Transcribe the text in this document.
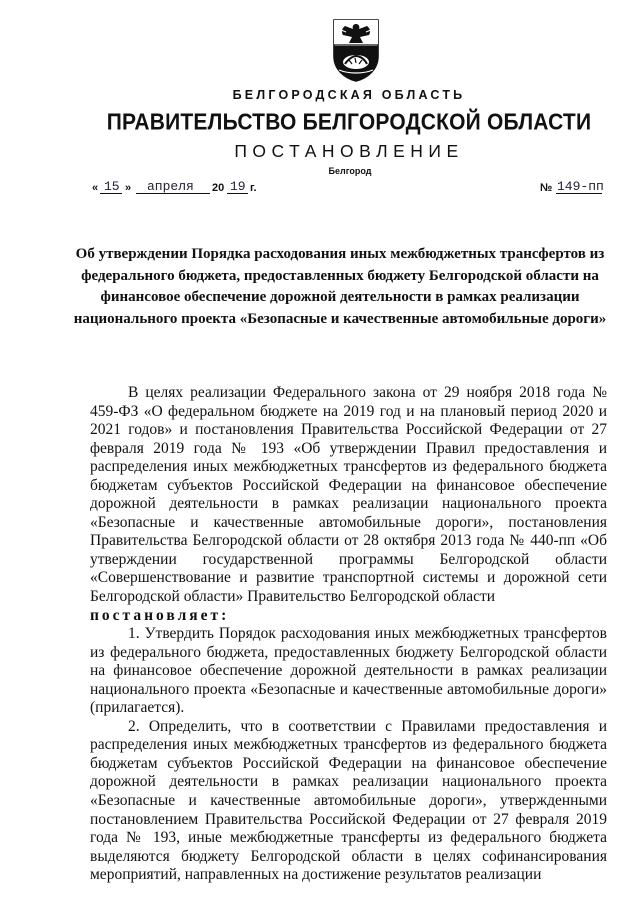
БЕЛГОРОДСКАЯ ОБЛАСТЬ
ПРАВИТЕЛЬСТВО БЕЛГОРОДСКОЙ ОБЛАСТИ
ПОСТАНОВЛЕНИЕ
Белгород
« 15 » апреля 20 19 г.	№ 149-пп
Об утверждении Порядка расходования иных межбюджетных трансфертов из федерального бюджета, предоставленных бюджету Белгородской области на финансовое обеспечение дорожной деятельности в рамках реализации национального проекта «Безопасные и качественные автомобильные дороги»

В целях реализации Федерального закона от 29 ноября 2018 года № 459-ФЗ «О федеральном бюджете на 2019 год и на плановый период 2020 и 2021 годов» и постановления Правительства Российской Федерации от 27 февраля 2019 года № 193 «Об утверждении Правил предоставления и распределения иных межбюджетных трансфертов из федерального бюджета бюджетам субъектов Российской Федерации на финансовое обеспечение дорожной деятельности в рамках реализации национального проекта «Безопасные и качественные автомобильные дороги», постановления Правительства Белгородской области от 28 октября 2013 года № 440-пп «Об утверждении государственной программы Белгородской области «Совершенствование и развитие транспортной системы и дорожной сети Белгородской области» Правительство Белгородской области

постановляет:

1. Утвердить Порядок расходования иных межбюджетных трансфертов из федерального бюджета, предоставленных бюджету Белгородской области на финансовое обеспечение дорожной деятельности в рамках реализации национального проекта «Безопасные и качественные автомобильные дороги» (прилагается).

2. Определить, что в соответствии с Правилами предоставления и распределения иных межбюджетных трансфертов из федерального бюджета бюджетам субъектов Российской Федерации на финансовое обеспечение дорожной деятельности в рамках реализации национального проекта «Безопасные и качественные автомобильные дороги», утвержденными постановлением Правительства Российской Федерации от 27 февраля 2019 года № 193, иные межбюджетные трансферты из федерального бюджета выделяются бюджету Белгородской области в целях софинансирования мероприятий, направленных на достижение результатов реализации
